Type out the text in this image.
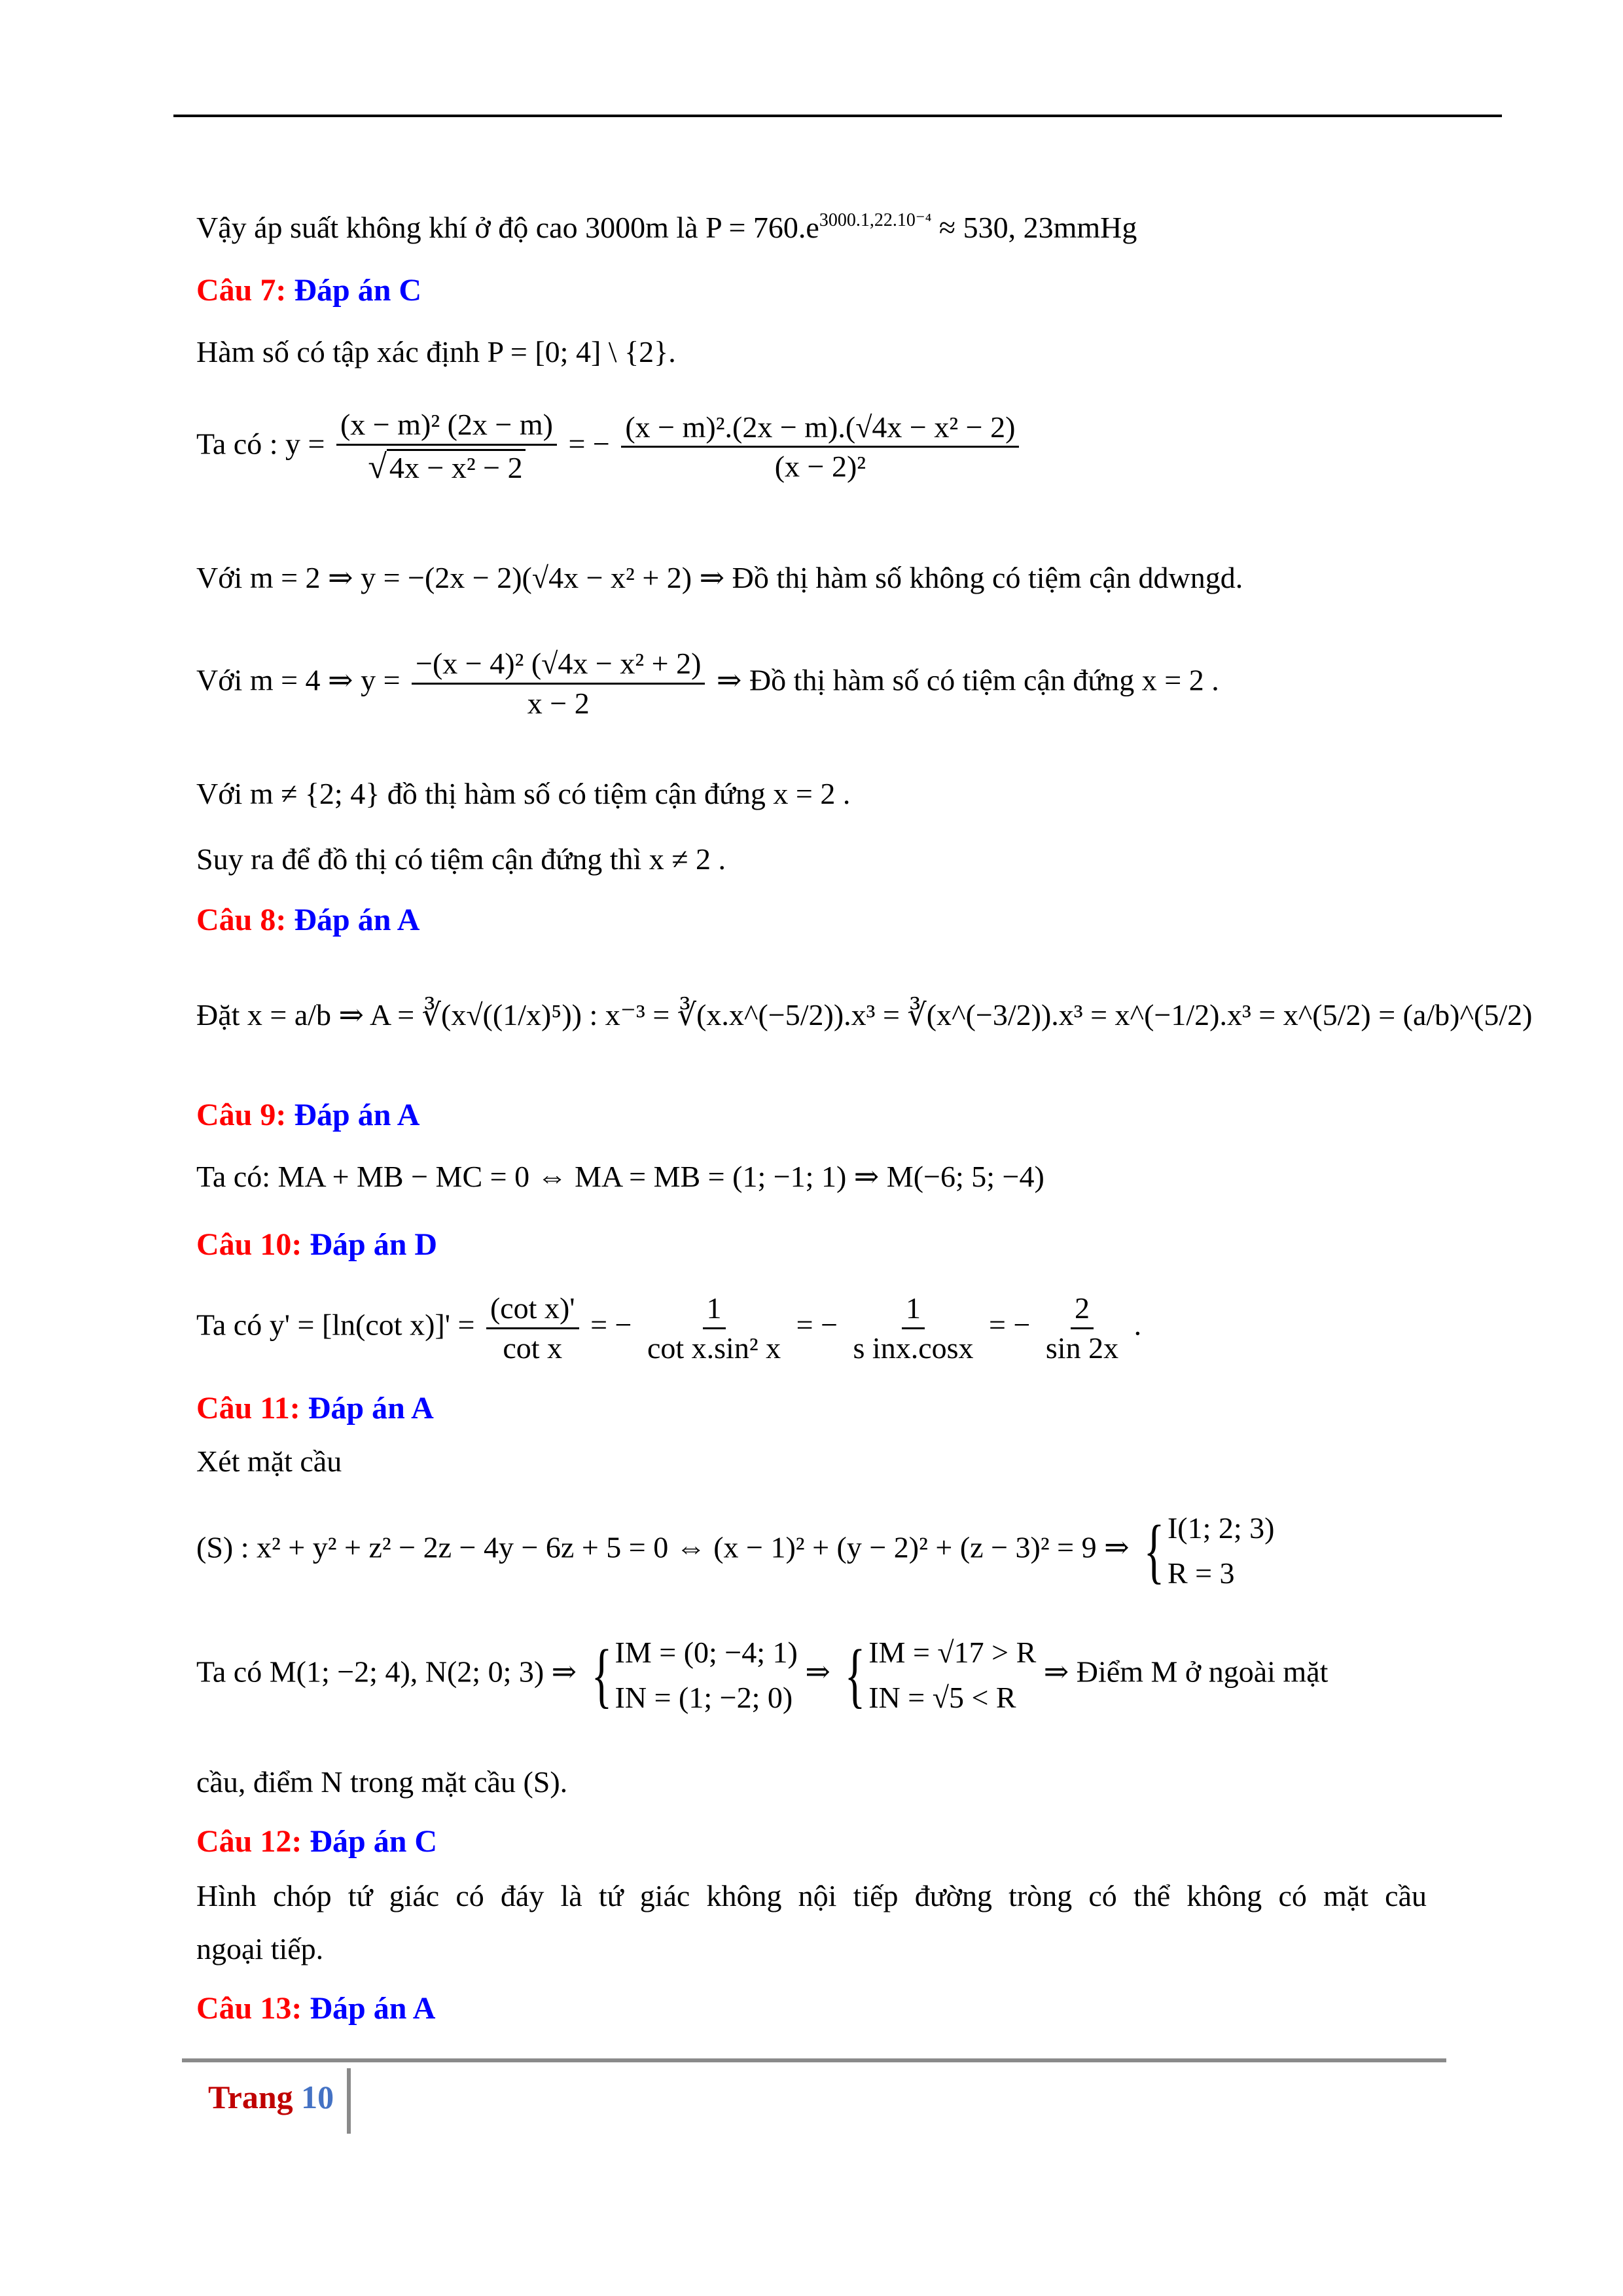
Vậy áp suất không khí ở độ cao 3000m là $P = 760.e^{3000.1,22.10^{-4}} \approx 530$, 23mmHg
Câu 7: Đáp án C
Hàm số có tập xác định P = [0; 4] \ {2}.
Ta có : $y = \frac{\text{(x − m)² (2x − m)}}{\text{√4x − x² − 2}}$ = − $\frac{\text{(x − m)².(2x − m).(√4x − x² − 2)}}{\text{(x − 2)²}}$
Với m = 2 ⇒ y = −(2x − 2)(√4x − x² + 2) ⇒ Đồ thị hàm số không có tiệm cận ddwngd.
Với m = 4 ⇒ $y = \frac{\text{−(x − 4)² (√4x − x² + 2)}}{x - 2}$ ⇒ Đồ thị hàm số có tiệm cận đứng x = 2 .
Với m ≠ {2; 4} đồ thị hàm số có tiệm cận đứng x = 2 .
Suy ra để đồ thị có tiệm cận đứng thì x ≠ 2 .
Câu 8: Đáp án A
Đặt x = a/b ⇒ A = ∛(x√((1/x)⁵)) : x⁻³ = ∛(x.x^(−5/2)).x³ = ∛(x^(−3/2)).x³ = x^(−1/2).x³ = x^(5/2) = (a/b)^(5/2)
Câu 9: Đáp án A
Ta có: MA + MB − MC = 0 ⇔ MA = MB = (1; −1; 1) ⇒ M(−6; 5; −4)
Câu 10: Đáp án D
Ta có y' = [ln(cot $x)]' = \frac{\text{(cot x)'}}{\text{cot x}}$ = − $\frac{1}{\text{cot x.sin² x}}$ = − $\frac{1}{\text{s inx.cosx}}$ = − $\frac{2}{\sin 2x}$ .
Câu 11: Đáp án A
Xét mặt cầu
(S) : x² + y² + z² − 2z − 4y − 6z + 5 = 0 ⇔ (x − 1)² + (y − 2)² + (z − 3)² = 9 ⇒ { I(1; 2; 3)
R = 3
Ta có M(1; −2; 4), N(2; 0; 3) ⇒ { IM = (0; −4; 1)
IN = (1; −2; 0)
⇒ { IM = √17 > R
IN = √5 < R
⇒ Điểm M ở ngoài mặt
cầu, điểm N trong mặt cầu (S).
Câu 12: Đáp án C
Hình chóp tứ giác có đáy là tứ giác không nội tiếp đường tròng có thể không có mặt cầu
ngoại tiếp.
Câu 13: Đáp án A
Trang 10
